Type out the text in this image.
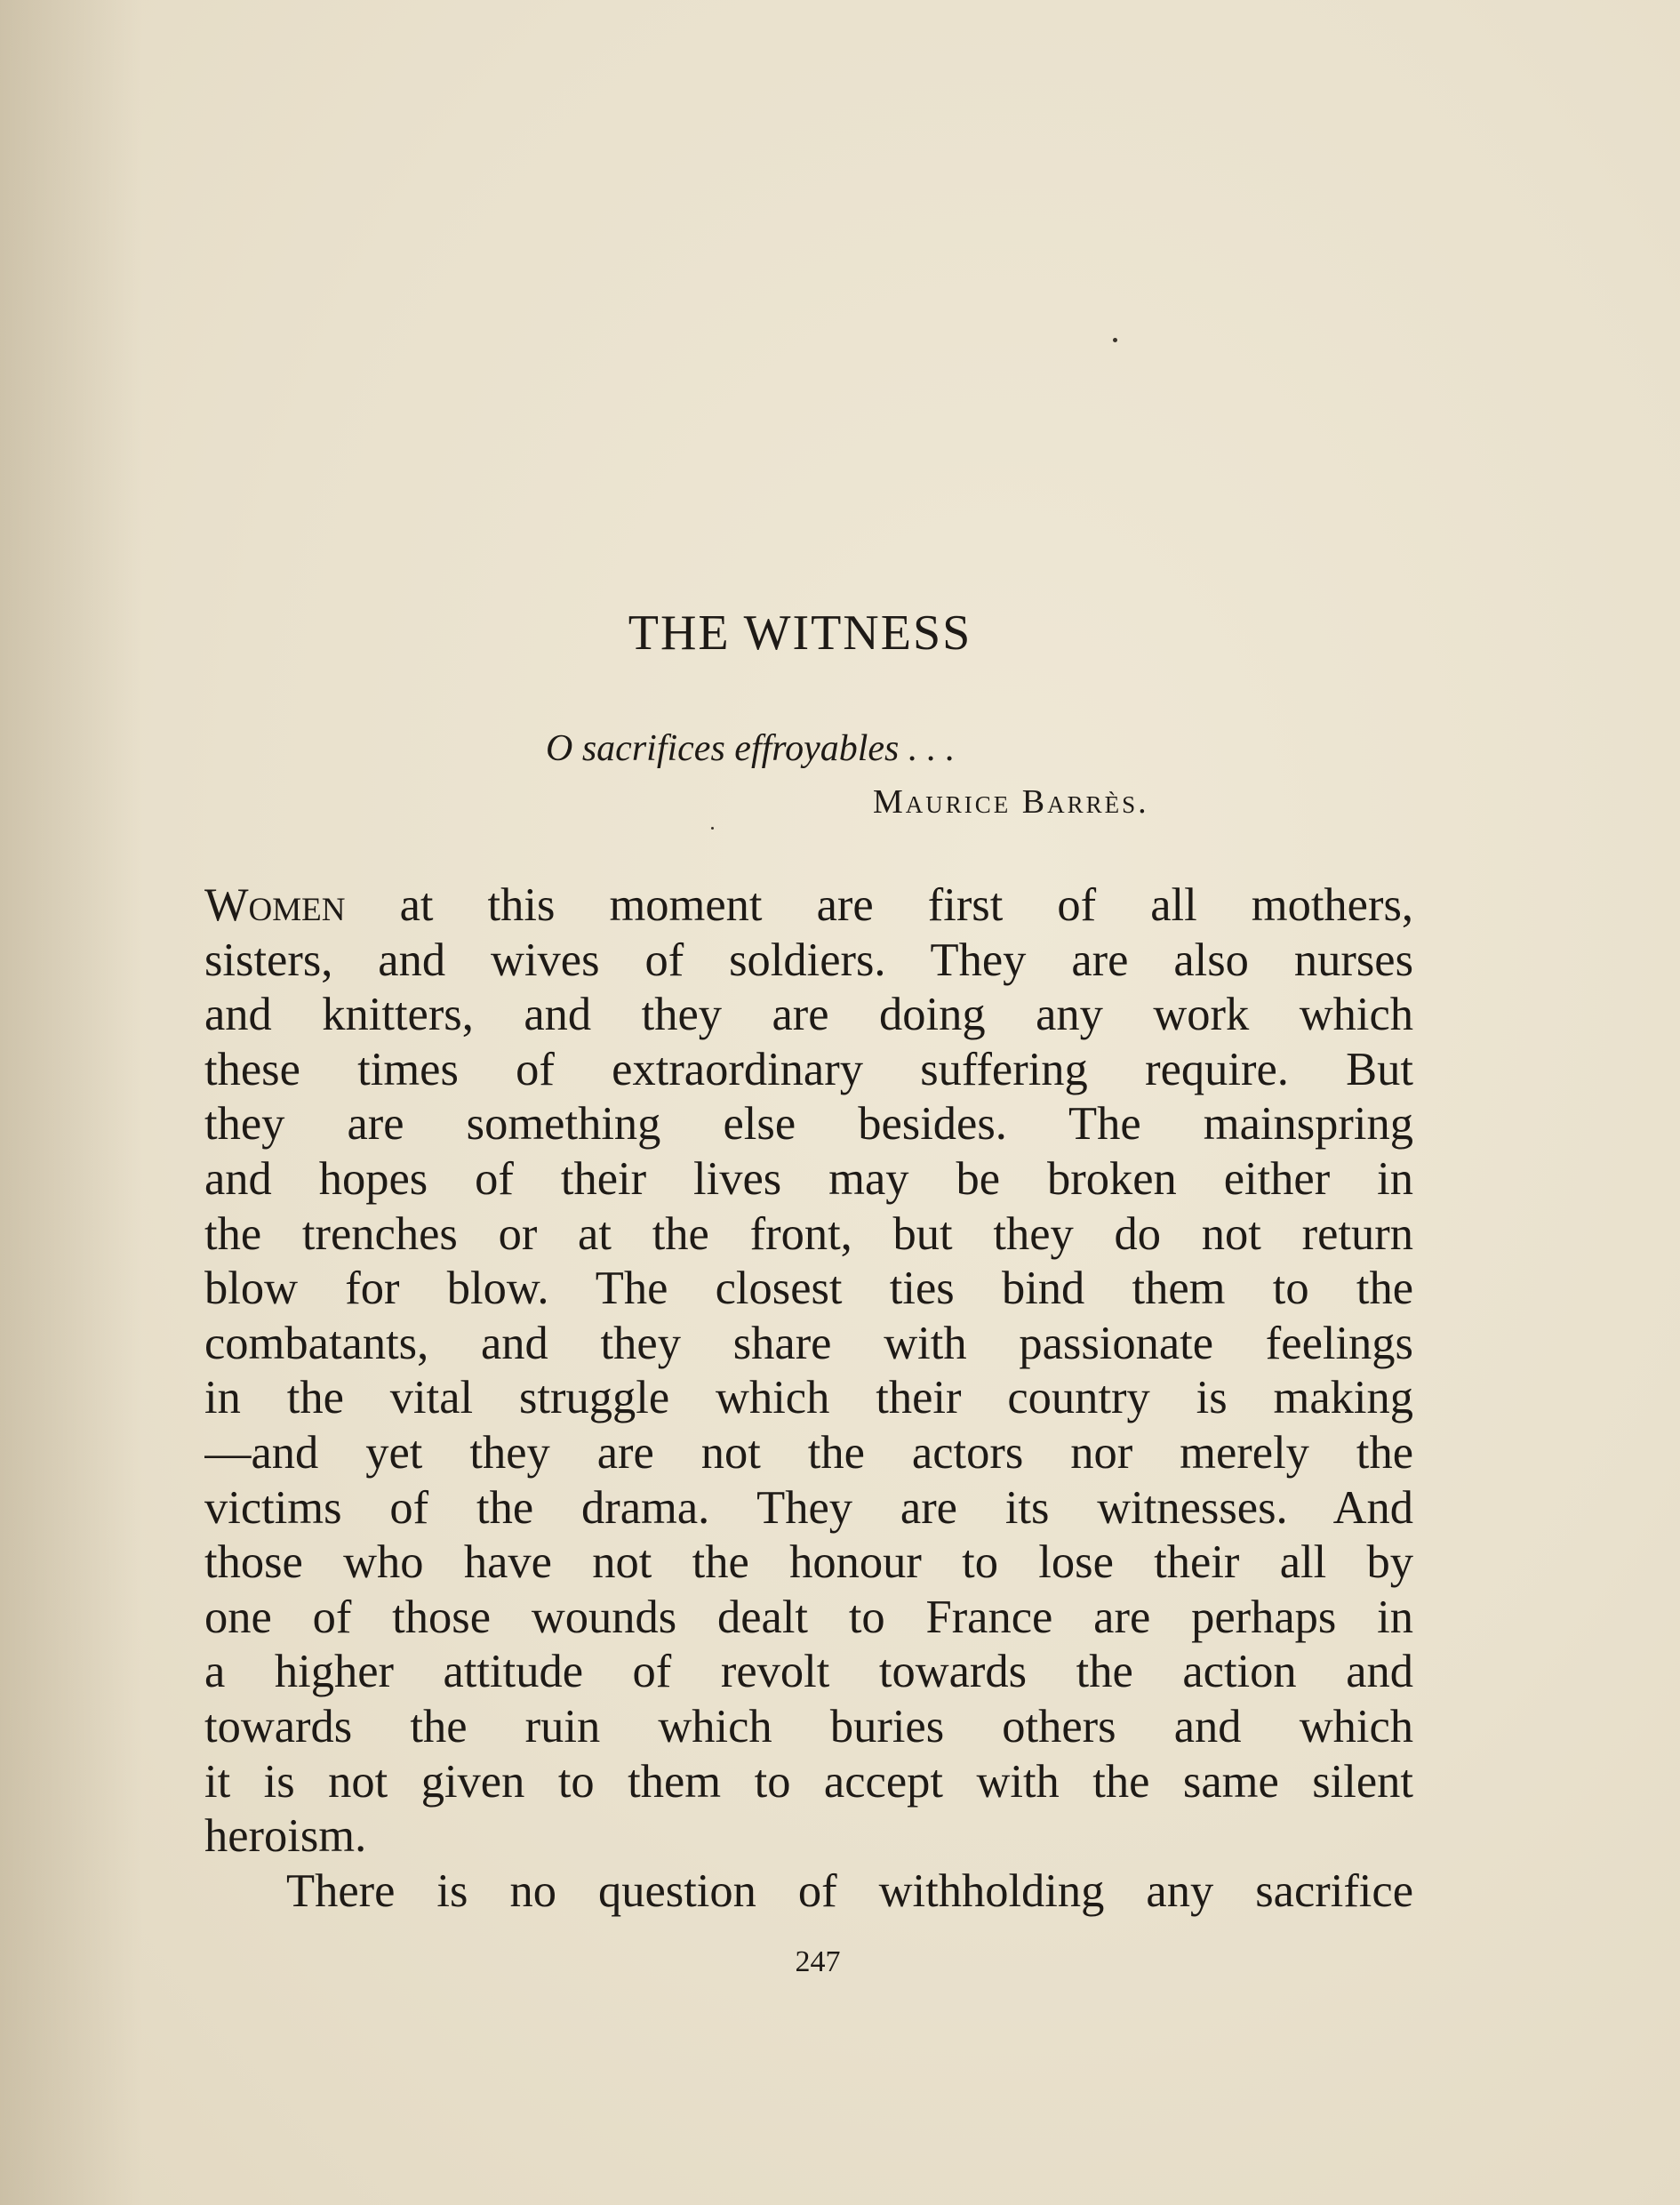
THE WITNESS

O sacrifices effroyables . . .

Maurice Barrès.

Women at this moment are first of all mothers,
sisters, and wives of soldiers. They are also nurses
and knitters, and they are doing any work which
these times of extraordinary suffering require. But
they are something else besides. The mainspring
and hopes of their lives may be broken either in
the trenches or at the front, but they do not return
blow for blow. The closest ties bind them to the
combatants, and they share with passionate feelings
in the vital struggle which their country is making
—and yet they are not the actors nor merely the
victims of the drama. They are its witnesses. And
those who have not the honour to lose their all by
one of those wounds dealt to France are perhaps in
a higher attitude of revolt towards the action and
towards the ruin which buries others and which
it is not given to them to accept with the same silent
heroism.
There is no question of withholding any sacrifice

247
